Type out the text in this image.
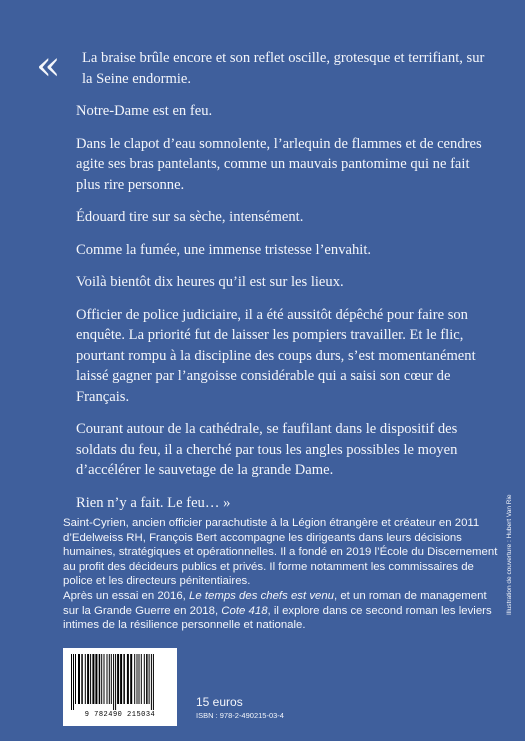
« La braise brûle encore et son reflet oscille, grotesque et terrifiant, sur la Seine endormie.

Notre-Dame est en feu.

Dans le clapot d’eau somnolente, l’arlequin de flammes et de cendres agite ses bras pantelants, comme un mauvais pantomime qui ne fait plus rire personne.

Édouard tire sur sa sèche, intensément.

Comme la fumée, une immense tristesse l’envahit.

Voilà bientôt dix heures qu’il est sur les lieux.

Officier de police judiciaire, il a été aussitôt dépêché pour faire son enquête. La priorité fut de laisser les pompiers travailler. Et le flic, pourtant rompu à la discipline des coups durs, s’est momentanément laissé gagner par l’angoisse considérable qui a saisi son cœur de Français.

Courant autour de la cathédrale, se faufilant dans le dispositif des soldats du feu, il a cherché par tous les angles possibles le moyen d’accélérer le sauvetage de la grande Dame.

Rien n’y a fait. Le feu… »

Saint-Cyrien, ancien officier parachutiste à la Légion étrangère et créateur en 2011 d’Edelweiss RH, François Bert accompagne les dirigeants dans leurs décisions humaines, stratégiques et opérationnelles. Il a fondé en 2019 l’École du Discernement au profit des décideurs publics et privés. Il forme notamment les commissaires de police et les directeurs pénitentiaires.

Après un essai en 2016, Le temps des chefs est venu, et un roman de management sur la Grande Guerre en 2018, Cote 418, il explore dans ce second roman les leviers intimes de la résilience personnelle et nationale.

9 782490 215034
15 euros
ISBN : 978-2-490215-03-4
Illustration de couverture : Hubert Van Rie
